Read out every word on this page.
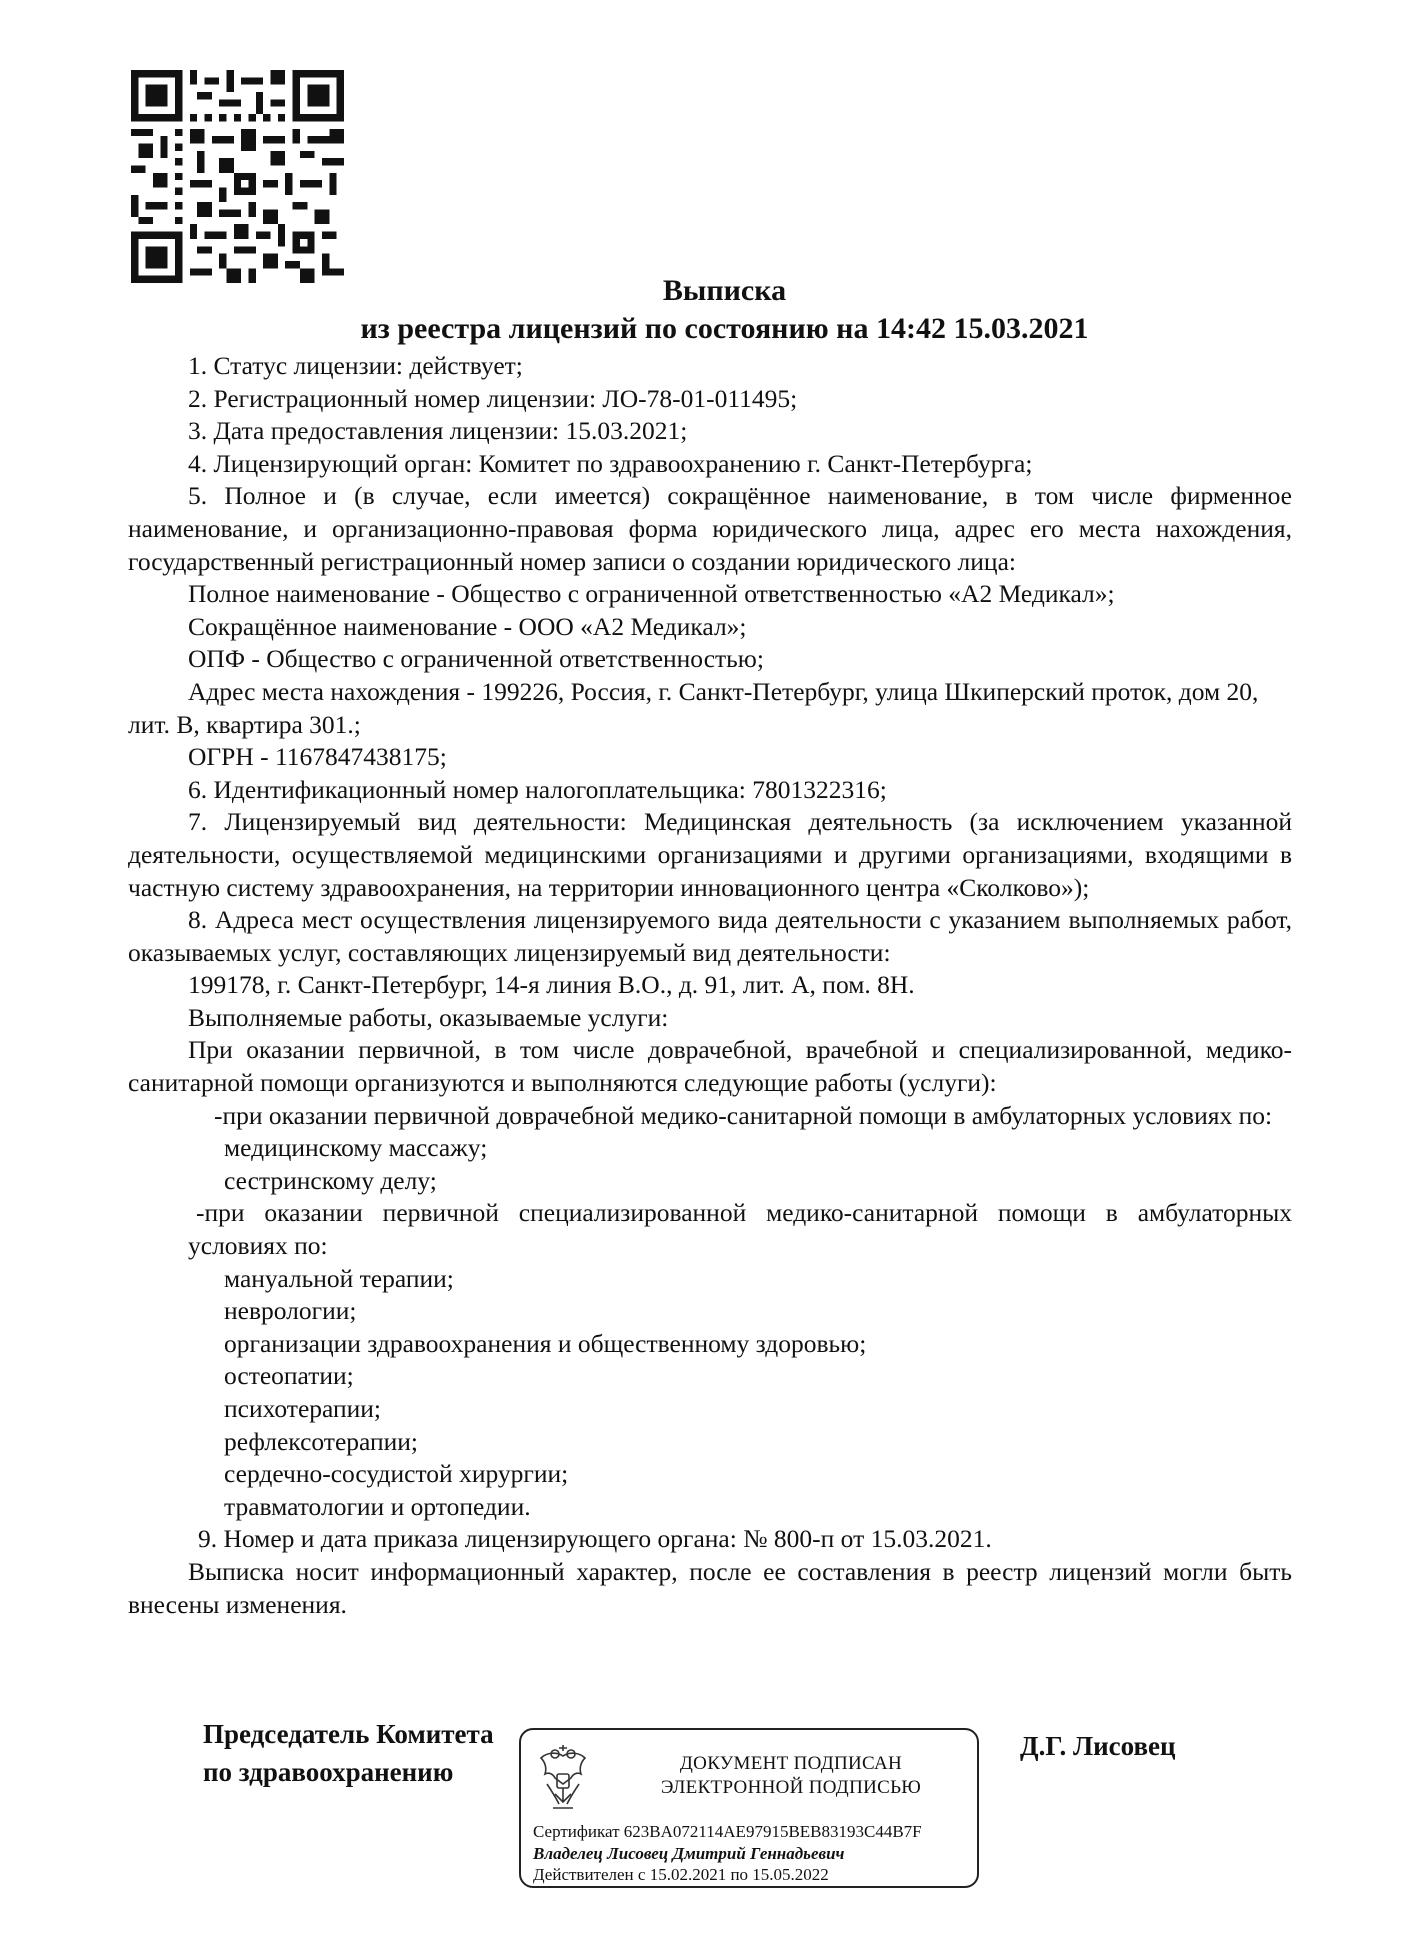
Выписка
из реестра лицензий по состоянию на 14:42 15.03.2021

1. Статус лицензии: действует;

2. Регистрационный номер лицензии: ЛО-78-01-011495;

3. Дата предоставления лицензии: 15.03.2021;

4. Лицензирующий орган: Комитет по здравоохранению г. Санкт-Петербурга;

5. Полное и (в случае, если имеется) сокращённое наименование, в том числе фирменное наименование, и организационно-правовая форма юридического лица, адрес его места нахождения, государственный регистрационный номер записи о создании юридического лица:

Полное наименование - Общество с ограниченной ответственностью «А2 Медикал»;

Сокращённое наименование - ООО «А2 Медикал»;

ОПФ - Общество с ограниченной ответственностью;

Адрес места нахождения - 199226, Россия, г. Санкт-Петербург, улица Шкиперский проток, дом 20, лит. В, квартира 301.;

ОГРН - 1167847438175;

6. Идентификационный номер налогоплательщика: 7801322316;

7. Лицензируемый вид деятельности: Медицинская деятельность (за исключением указанной деятельности, осуществляемой медицинскими организациями и другими организациями, входящими в частную систему здравоохранения, на территории инновационного центра «Сколково»);

8. Адреса мест осуществления лицензируемого вида деятельности с указанием выполняемых работ, оказываемых услуг, составляющих лицензируемый вид деятельности:

199178, г. Санкт-Петербург, 14-я линия В.О., д. 91, лит. А, пом. 8Н.

Выполняемые работы, оказываемые услуги:

При оказании первичной, в том числе доврачебной, врачебной и специализированной, медико-санитарной помощи организуются и выполняются следующие работы (услуги):

-при оказании первичной доврачебной медико-санитарной помощи в амбулаторных условиях по:

медицинскому массажу;

сестринскому делу;

-при оказании первичной специализированной медико-санитарной помощи в амбулаторных условиях по:

мануальной терапии;

неврологии;

организации здравоохранения и общественному здоровью;

остеопатии;

психотерапии;

рефлексотерапии;

сердечно-сосудистой хирургии;

травматологии и ортопедии.

9. Номер и дата приказа лицензирующего органа: № 800-п от 15.03.2021.

Выписка носит информационный характер, после ее составления в реестр лицензий могли быть внесены изменения.

Председатель Комитета
по здравоохранению
Д.Г. Лисовец
ДОКУМЕНТ ПОДПИСАН
ЭЛЕКТРОННОЙ ПОДПИСЬЮ
Сертификат 623BA072114AE97915BEB83193C44B7F
Владелец Лисовец Дмитрий Геннадьевич
Действителен с 15.02.2021 по 15.05.2022
